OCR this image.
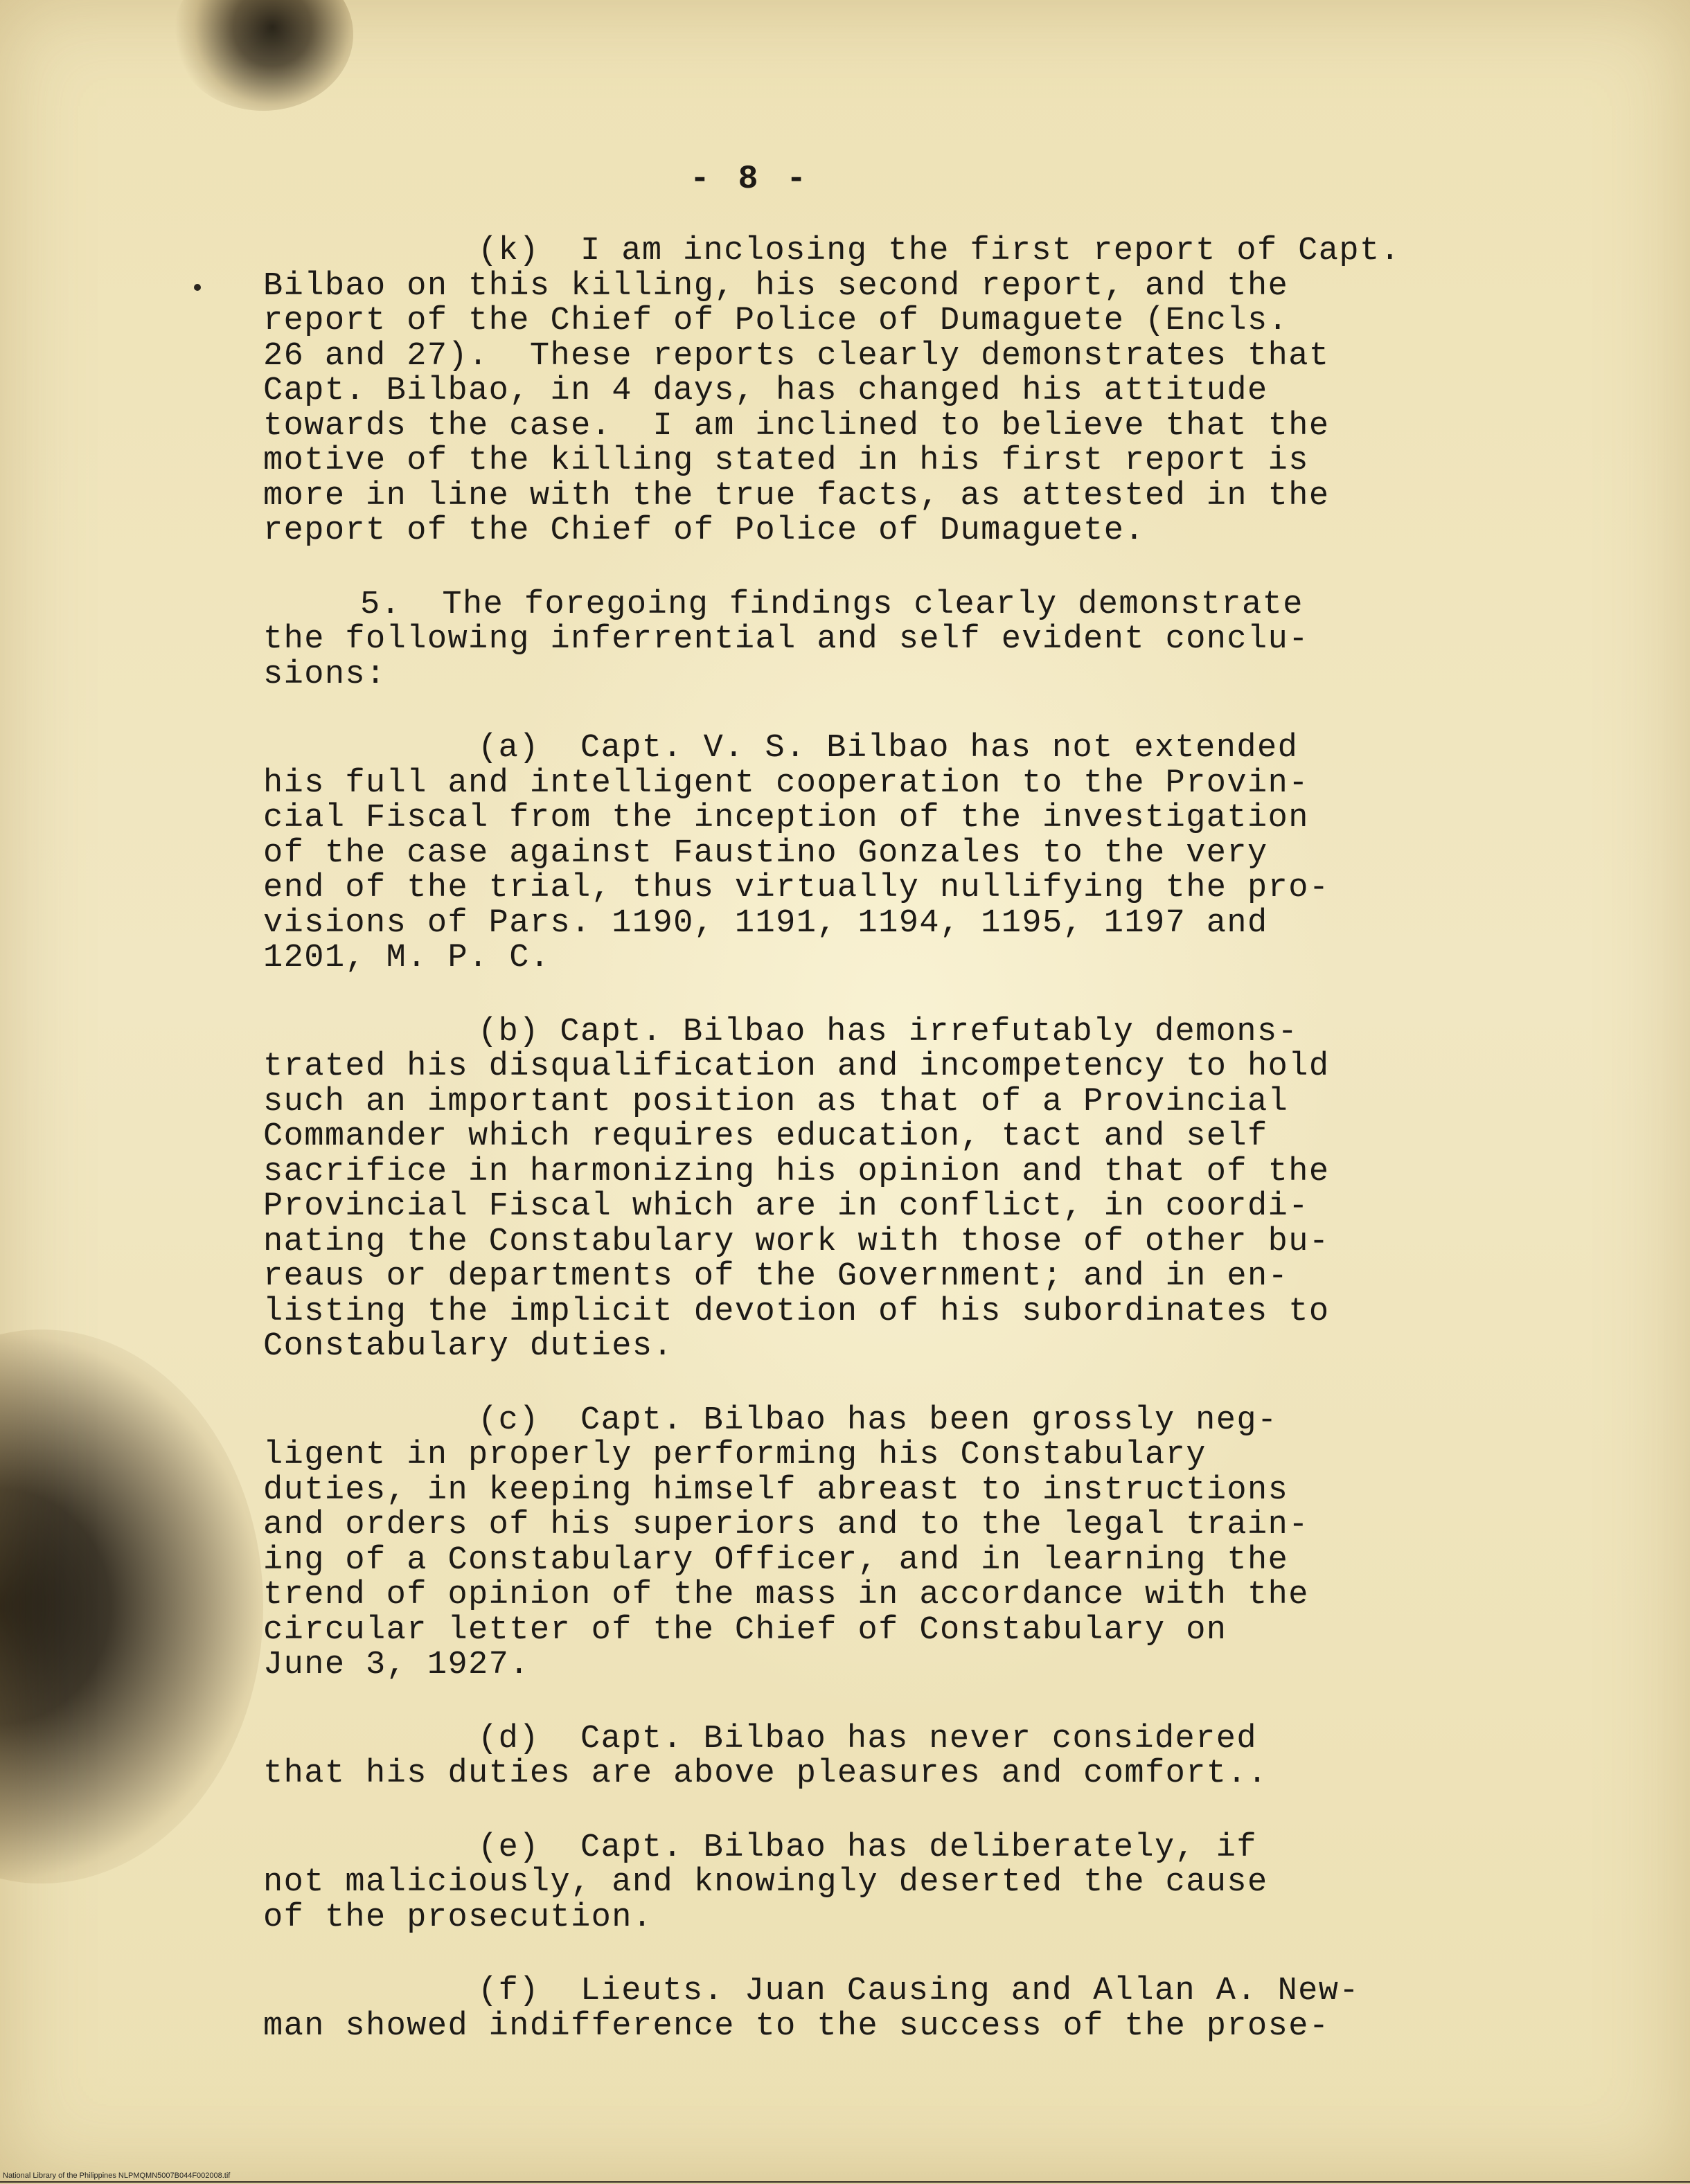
- 8 -
(k)  I am inclosing the first report of Capt.
Bilbao on this killing, his second report, and the
report of the Chief of Police of Dumaguete (Encls.
26 and 27).  These reports clearly demonstrates that
Capt. Bilbao, in 4 days, has changed his attitude
towards the case.  I am inclined to believe that the
motive of the killing stated in his first report is
more in line with the true facts, as attested in the
report of the Chief of Police of Dumaguete.
5.  The foregoing findings clearly demonstrate
the following inferrential and self evident conclu-
sions:
(a)  Capt. V. S. Bilbao has not extended
his full and intelligent cooperation to the Provin-
cial Fiscal from the inception of the investigation
of the case against Faustino Gonzales to the very
end of the trial, thus virtually nullifying the pro-
visions of Pars. 1190, 1191, 1194, 1195, 1197 and
1201, M. P. C.
(b) Capt. Bilbao has irrefutably demons-
trated his disqualification and incompetency to hold
such an important position as that of a Provincial
Commander which requires education, tact and self
sacrifice in harmonizing his opinion and that of the
Provincial Fiscal which are in conflict, in coordi-
nating the Constabulary work with those of other bu-
reaus or departments of the Government; and in en-
listing the implicit devotion of his subordinates to
Constabulary duties.
(c)  Capt. Bilbao has been grossly neg-
ligent in properly performing his Constabulary
duties, in keeping himself abreast to instructions
and orders of his superiors and to the legal train-
ing of a Constabulary Officer, and in learning the
trend of opinion of the mass in accordance with the
circular letter of the Chief of Constabulary on
June 3, 1927.
(d)  Capt. Bilbao has never considered
that his duties are above pleasures and comfort..
(e)  Capt. Bilbao has deliberately, if
not maliciously, and knowingly deserted the cause
of the prosecution.
(f)  Lieuts. Juan Causing and Allan A. New-
man showed indifference to the success of the prose-
National Library of the Philippines NLPMQMN5007B044F002008.tif
